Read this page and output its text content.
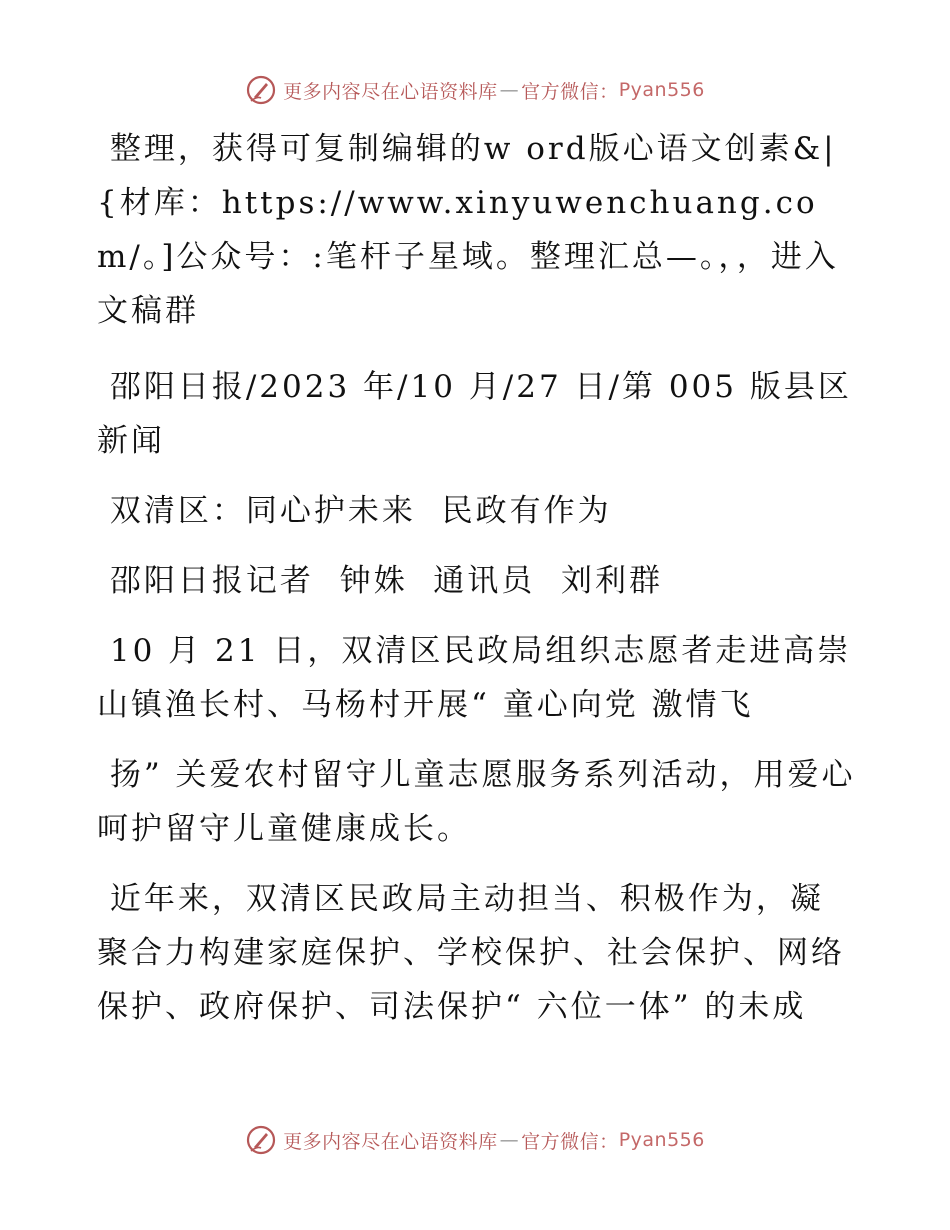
更多内容尽在心语资料库 — 官方微信： Pyan556

整理，获得可复制编辑的w ord版心语文创素&|{材库：https://www.xinyuwenchuang.com/。]公众号：:笔杆子星域。整理汇总—。，，进入文稿群

邵阳日报/2023 年/10 月/27 日/第 005 版县区新闻

双清区：同心护未来  民政有作为

邵阳日报记者  钟姝  通讯员  刘利群

10 月 21 日，双清区民政局组织志愿者走进高崇山镇渔长村、马杨村开展“ 童心向党 激情飞

扬” 关爱农村留守儿童志愿服务系列活动，用爱心呵护留守儿童健康成长。

近年来，双清区民政局主动担当、积极作为，凝聚合力构建家庭保护、学校保护、社会保护、网络保护、政府保护、司法保护“ 六位一体” 的未成

更多内容尽在心语资料库 — 官方微信： Pyan556
